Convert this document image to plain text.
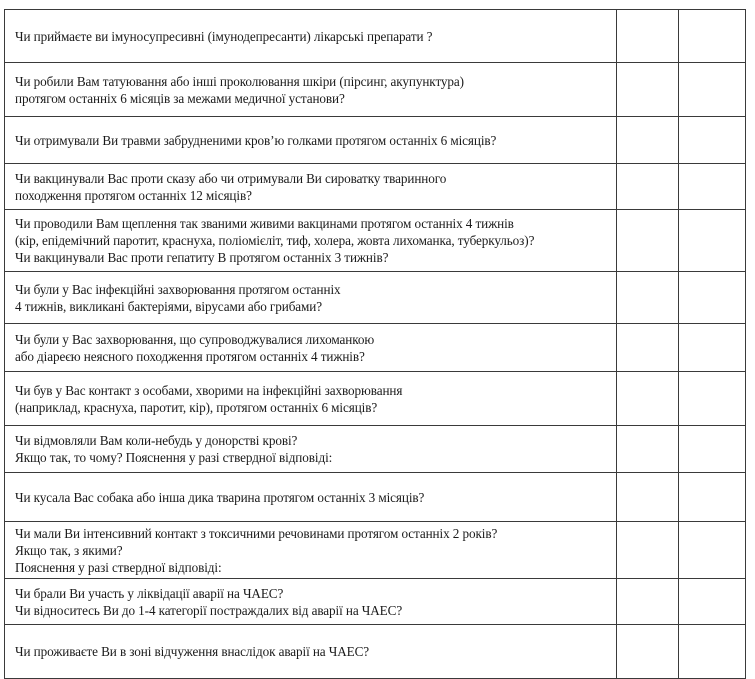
Чи приймаєте ви імуносупресивні (імунодепресанти) лікарські препарати ?		

Чи робили Вам татуювання або інші проколювання шкіри (пірсинг, акупунктура)
протягом останніх 6 місяців за межами медичної установи?		

Чи отримували Ви травми забрудненими кров’ю голками протягом останніх 6 місяців?		

Чи вакцинували Вас проти сказу або чи отримували Ви сироватку тваринного
походження протягом останніх 12 місяців?		

Чи проводили Вам щеплення так званими живими вакцинами протягом останніх 4 тижнів
(кір, епідемічний паротит, краснуха, поліомієліт, тиф, холера, жовта лихоманка, туберкульоз)?
Чи вакцинували Вас проти гепатиту В протягом останніх 3 тижнів?		

Чи були у Вас інфекційні захворювання протягом останніх
4 тижнів, викликані бактеріями, вірусами або грибами?		

Чи були у Вас захворювання, що супроводжувалися лихоманкою
або діареєю неясного походження протягом останніх 4 тижнів?		

Чи був у Вас контакт з особами, хворими на інфекційні захворювання
(наприклад, краснуха, паротит, кір), протягом останніх 6 місяців?		

Чи відмовляли Вам коли-небудь у донорстві крові?
Якщо так, то чому? Пояснення у разі ствердної відповіді:		

Чи кусала Вас собака або інша дика тварина протягом останніх 3 місяців?		

Чи мали Ви інтенсивний контакт з токсичними речовинами протягом останніх 2 років?
Якщо так, з якими?
Пояснення у разі ствердної відповіді:		

Чи брали Ви участь у ліквідації аварії на ЧАЕС?
Чи відноситесь Ви до 1-4 категорії постраждалих від аварії на ЧАЕС?		

Чи проживаєте Ви в зоні відчуження внаслідок аварії на ЧАЕС?		
